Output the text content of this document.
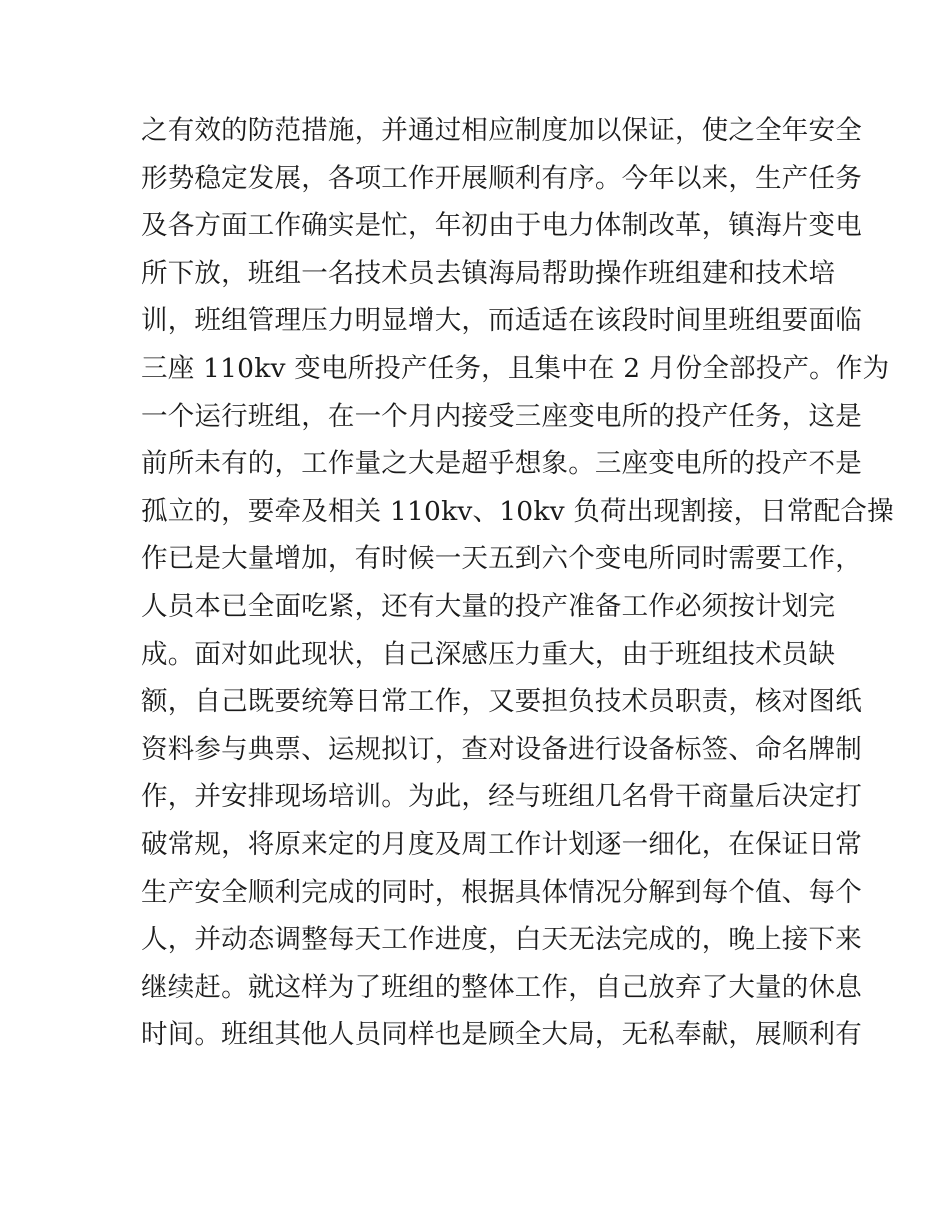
之有效的防范措施，并通过相应制度加以保证，使之全年安全
形势稳定发展，各项工作开展顺利有序。今年以来，生产任务
及各方面工作确实是忙，年初由于电力体制改革，镇海片变电
所下放，班组一名技术员去镇海局帮助操作班组建和技术培
训，班组管理压力明显增大，而适适在该段时间里班组要面临
三座 110kv 变电所投产任务，且集中在 2 月份全部投产。作为
一个运行班组，在一个月内接受三座变电所的投产任务，这是
前所未有的，工作量之大是超乎想象。三座变电所的投产不是
孤立的，要牵及相关 110kv、10kv 负荷出现割接，日常配合操
作已是大量增加，有时候一天五到六个变电所同时需要工作，
人员本已全面吃紧，还有大量的投产准备工作必须按计划完
成。面对如此现状，自己深感压力重大，由于班组技术员缺
额，自己既要统筹日常工作，又要担负技术员职责，核对图纸
资料参与典票、运规拟订，查对设备进行设备标签、命名牌制
作，并安排现场培训。为此，经与班组几名骨干商量后决定打
破常规，将原来定的月度及周工作计划逐一细化，在保证日常
生产安全顺利完成的同时，根据具体情况分解到每个值、每个
人，并动态调整每天工作进度，白天无法完成的，晚上接下来
继续赶。就这样为了班组的整体工作，自己放弃了大量的休息
时间。班组其他人员同样也是顾全大局，无私奉献，展顺利有
